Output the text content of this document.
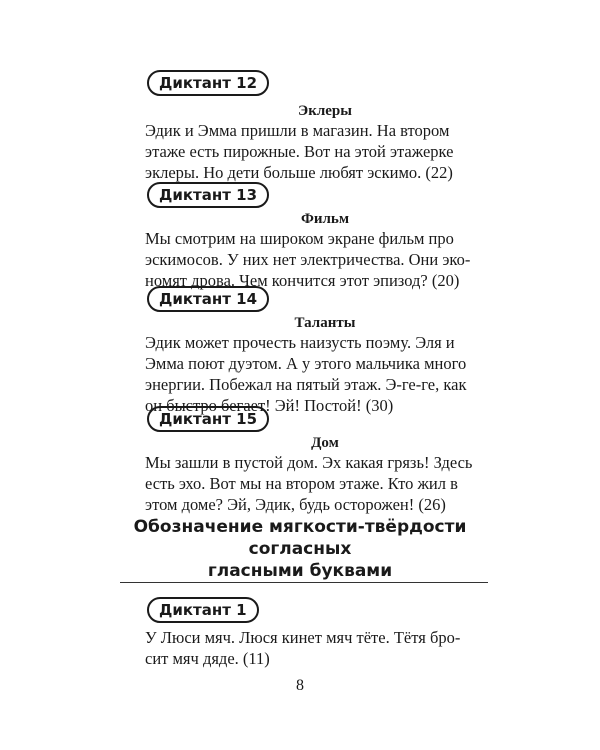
Диктант 12
Эклеры
Эдик и Эмма пришли в магазин. На втором
этаже есть пирожные. Вот на этой этажерке
эклеры. Но дети больше любят эскимо. (22)
Диктант 13
Фильм
Мы смотрим на широком экране фильм про
эскимосов. У них нет электричества. Они эко-
номят дрова. Чем кончится этот эпизод? (20)
Диктант 14
Таланты
Эдик может прочесть наизусть поэму. Эля и
Эмма поют дуэтом. А у этого мальчика много
энергии. Побежал на пятый этаж. Э-ге-ге, как
он быстро бегает! Эй! Постой! (30)
Диктант 15
Дом
Мы зашли в пустой дом. Эх какая грязь! Здесь
есть эхо. Вот мы на втором этаже. Кто жил в
этом доме? Эй, Эдик, будь осторожен! (26)
Обозначение мягкости-твёрдости
согласных
гласными буквами
Диктант 1
У Люси мяч. Люся кинет мяч тёте. Тётя бро-
сит мяч дяде. (11)
8
